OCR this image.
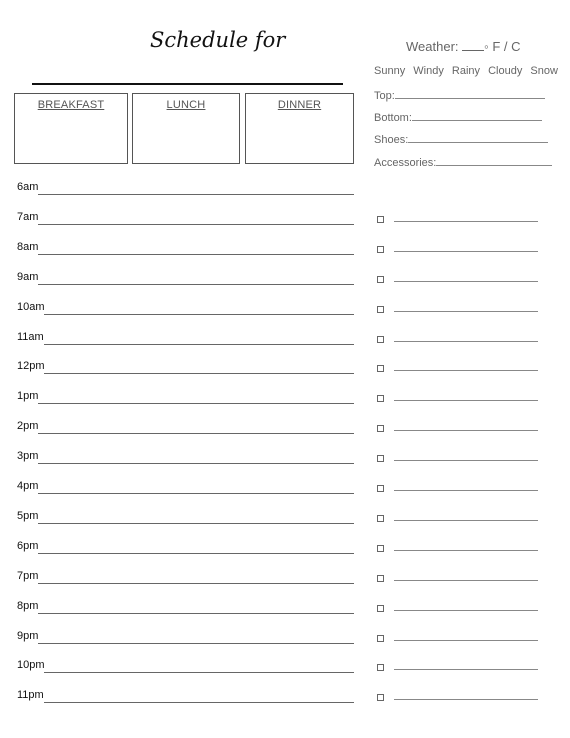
Schedule for
BREAKFAST	LUNCH	DINNER
Weather: ◦ F / C
Sunny Windy Rainy Cloudy Snow
Top:
Bottom:
Shoes:
Accessories:
6am
7am
8am
9am
10am
11am
12pm
1pm
2pm
3pm
4pm
5pm
6pm
7pm
8pm
9pm
10pm
11pm
